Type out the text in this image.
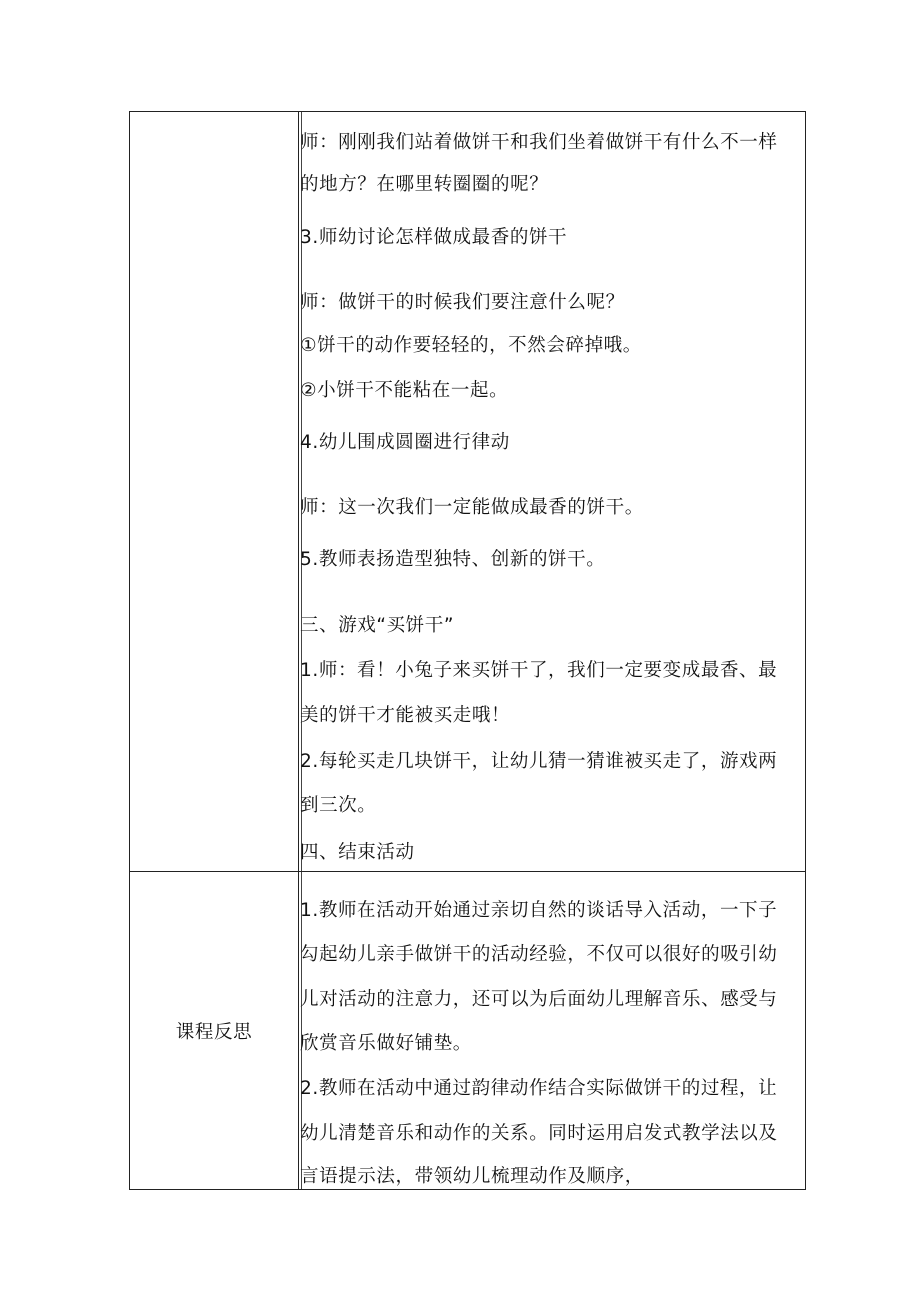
师：刚刚我们站着做饼干和我们坐着做饼干有什么不一样
的地方？在哪里转圈圈的呢？
3.师幼讨论怎样做成最香的饼干
师：做饼干的时候我们要注意什么呢？
①饼干的动作要轻轻的，不然会碎掉哦。
②小饼干不能粘在一起。
4.幼儿围成圆圈进行律动
师：这一次我们一定能做成最香的饼干。
5.教师表扬造型独特、创新的饼干。
三、游戏“买饼干”
1.师：看！小兔子来买饼干了，我们一定要变成最香、最
美的饼干才能被买走哦！
2.每轮买走几块饼干，让幼儿猜一猜谁被买走了，游戏两
到三次。
四、结束活动
课程反思
1.教师在活动开始通过亲切自然的谈话导入活动，一下子
勾起幼儿亲手做饼干的活动经验，不仅可以很好的吸引幼
儿对活动的注意力，还可以为后面幼儿理解音乐、感受与
欣赏音乐做好铺垫。
2.教师在活动中通过韵律动作结合实际做饼干的过程，让
幼儿清楚音乐和动作的关系。同时运用启发式教学法以及
言语提示法，带领幼儿梳理动作及顺序，
